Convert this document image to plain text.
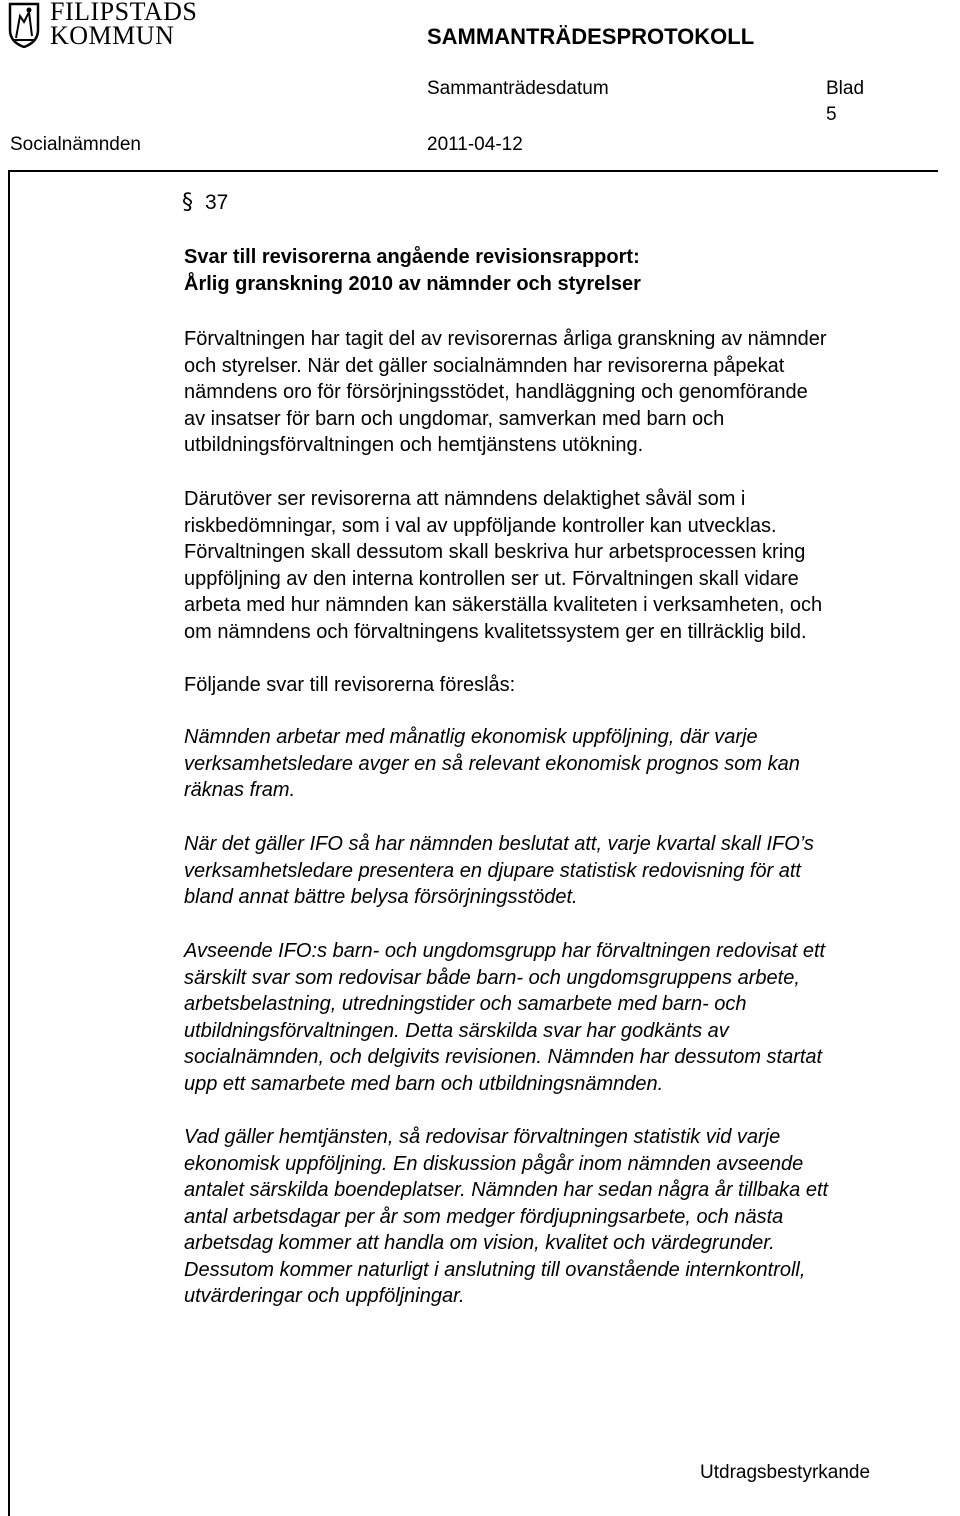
FILIPSTADS
KOMMUN	SAMMANTRÄDESPROTOKOLL
Sammanträdesdatum	Blad
5
Socialnämnden	2011-04-12
§ 37
Svar till revisorerna angående revisionsrapport:
Årlig granskning 2010 av nämnder och styrelser

Förvaltningen har tagit del av revisorernas årliga granskning av nämnder

och styrelser. När det gäller socialnämnden har revisorerna påpekat

nämndens oro för försörjningsstödet, handläggning och genomförande

av insatser för barn och ungdomar, samverkan med barn och

utbildningsförvaltningen och hemtjänstens utökning.

Därutöver ser revisorerna att nämndens delaktighet såväl som i

riskbedömningar, som i val av uppföljande kontroller kan utvecklas.

Förvaltningen skall dessutom skall beskriva hur arbetsprocessen kring

uppföljning av den interna kontrollen ser ut. Förvaltningen skall vidare

arbeta med hur nämnden kan säkerställa kvaliteten i verksamheten, och

om nämndens och förvaltningens kvalitetssystem ger en tillräcklig bild.

Följande svar till revisorerna föreslås:

Nämnden arbetar med månatlig ekonomisk uppföljning, där varje

verksamhetsledare avger en så relevant ekonomisk prognos som kan

räknas fram.

När det gäller IFO så har nämnden beslutat att, varje kvartal skall IFO’s

verksamhetsledare presentera en djupare statistisk redovisning för att

bland annat bättre belysa försörjningsstödet.

Avseende IFO:s barn- och ungdomsgrupp har förvaltningen redovisat ett

särskilt svar som redovisar både barn- och ungdomsgruppens arbete,

arbetsbelastning, utredningstider och samarbete med barn- och

utbildningsförvaltningen. Detta särskilda svar har godkänts av

socialnämnden, och delgivits revisionen. Nämnden har dessutom startat

upp ett samarbete med barn och utbildningsnämnden.

Vad gäller hemtjänsten, så redovisar förvaltningen statistik vid varje

ekonomisk uppföljning. En diskussion pågår inom nämnden avseende

antalet särskilda boendeplatser. Nämnden har sedan några år tillbaka ett

antal arbetsdagar per år som medger fördjupningsarbete, och nästa

arbetsdag kommer att handla om vision, kvalitet och värdegrunder.

Dessutom kommer naturligt i anslutning till ovanstående internkontroll,

utvärderingar och uppföljningar.

Utdragsbestyrkande
